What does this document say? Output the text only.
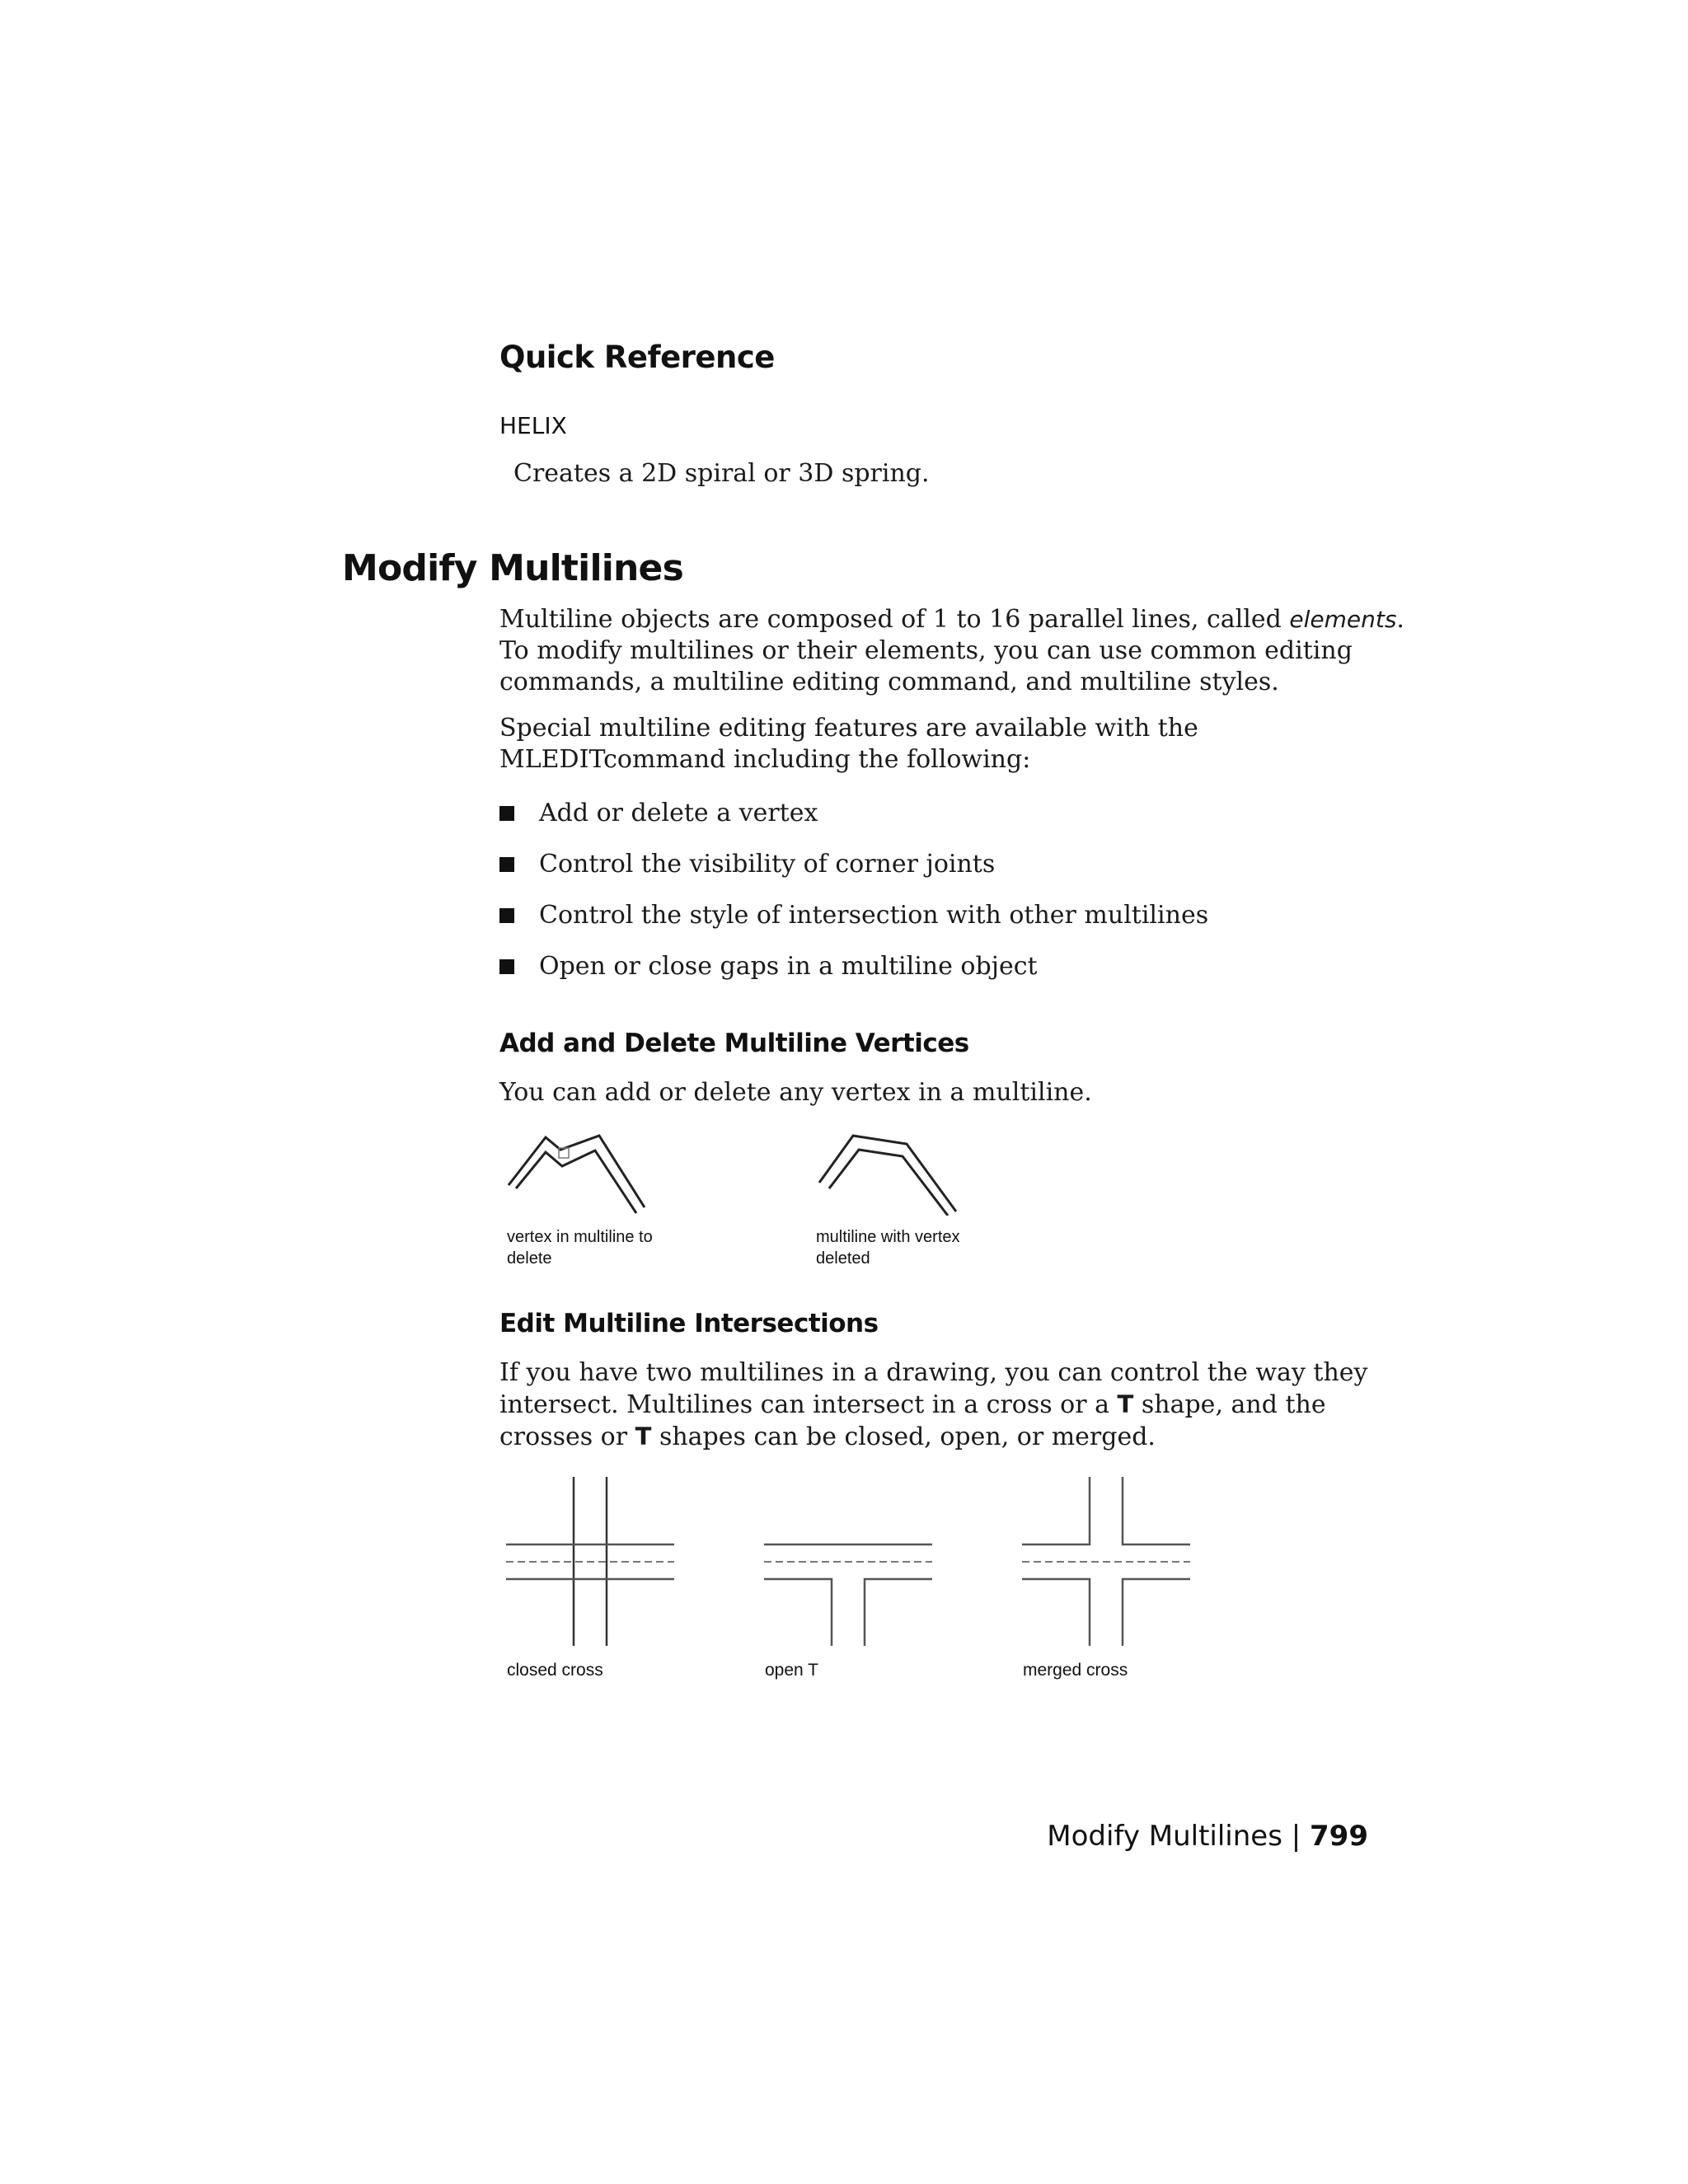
Quick Reference
HELIX
Creates a 2D spiral or 3D spring.
Modify Multilines

Multiline objects are composed of 1 to 16 parallel lines, called elements. To modify multilines or their elements, you can use common editing commands, a multiline editing command, and multiline styles.

Special multiline editing features are available with the MLEDITcommand including the following:

Add or delete a vertex
Control the visibility of corner joints
Control the style of intersection with other multilines
Open or close gaps in a multiline object
Add and Delete Multiline Vertices
You can add or delete any vertex in a multiline.
vertex in multiline to
delete
multiline with vertex
deleted
Edit Multiline Intersections

If you have two multilines in a drawing, you can control the way they intersect. Multilines can intersect in a cross or a T shape, and the crosses or T shapes can be closed, open, or merged.

closed cross	open T	merged cross
Modify Multilines | 799
